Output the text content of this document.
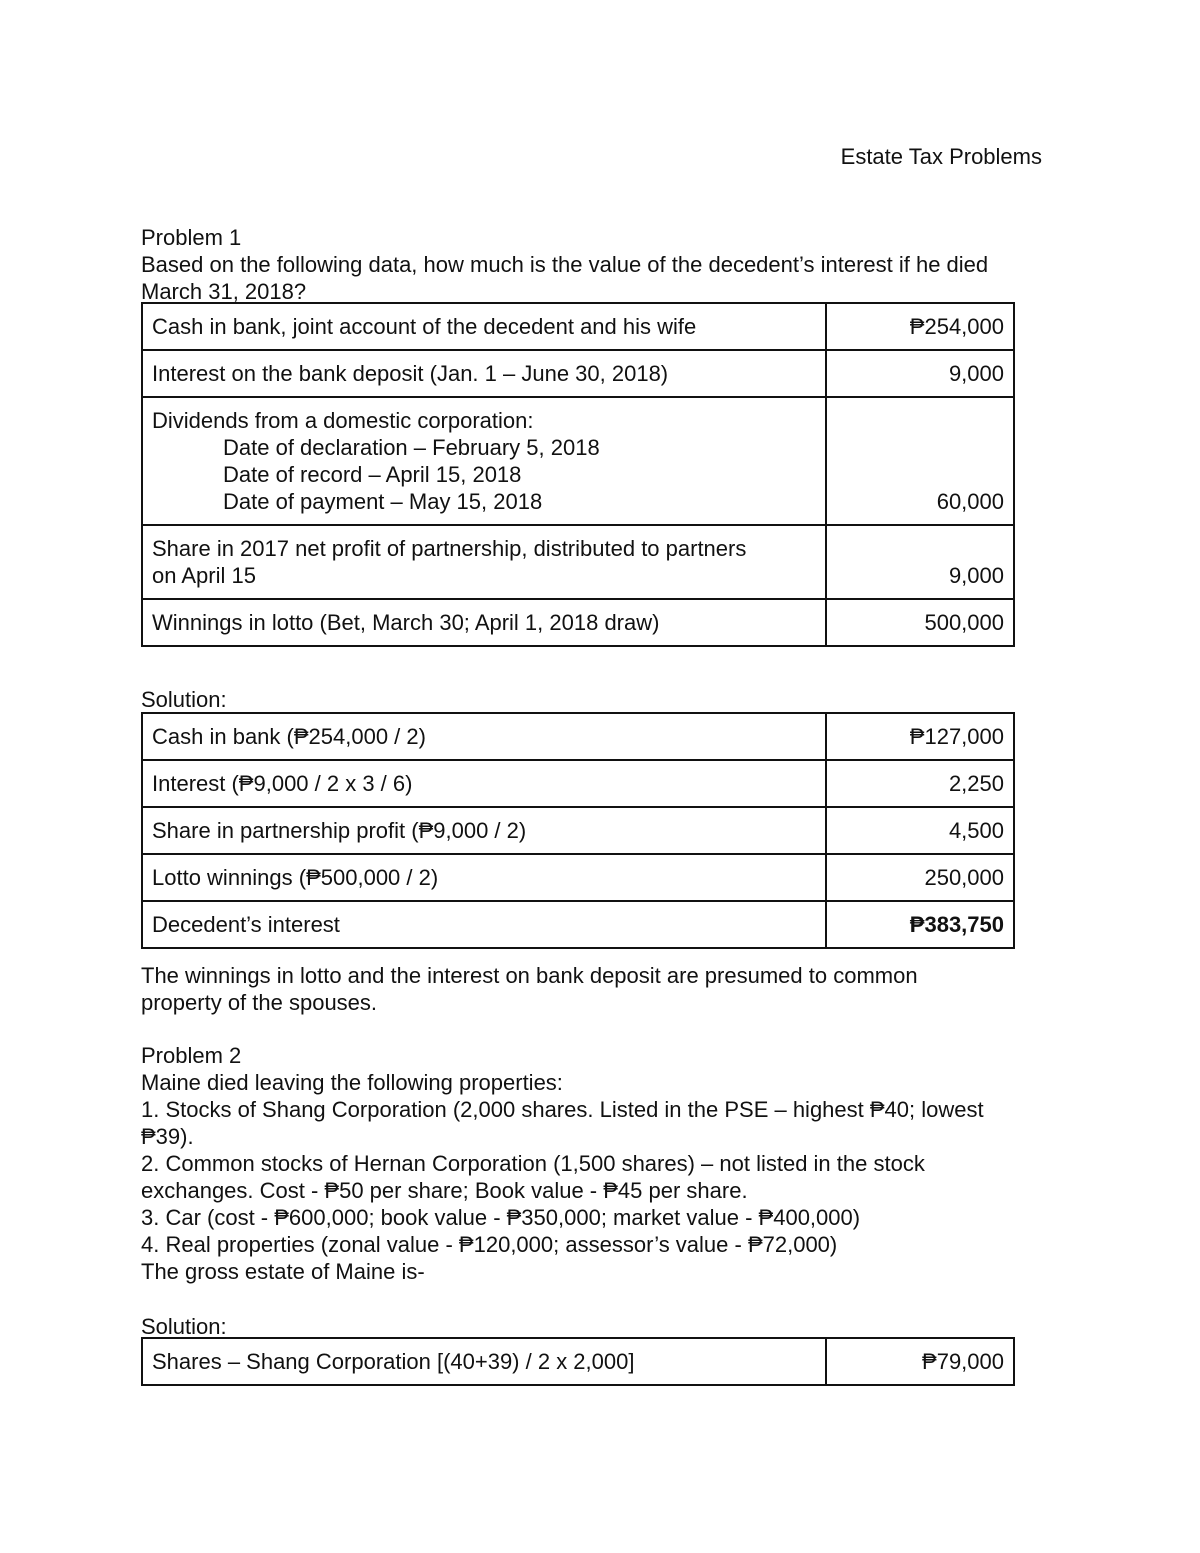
Estate Tax Problems

Problem 1

Based on the following data, how much is the value of the decedent’s interest if he died

March 31, 2018?

Cash in bank, joint account of the decedent and his wife	₱254,000
Interest on the bank deposit (Jan. 1 – June 30, 2018)	9,000

Dividends from a domestic corporation:
Date of declaration – February 5, 2018
Date of record – April 15, 2018
Date of payment – May 15, 2018	60,000

Share in 2017 net profit of partnership, distributed to partners
on April 15	9,000
Winnings in lotto (Bet, March 30; April 1, 2018 draw)	500,000

Solution:

Cash in bank (₱254,000 / 2)	₱127,000
Interest (₱9,000 / 2 x 3 / 6)	2,250
Share in partnership profit (₱9,000 / 2)	4,500
Lotto winnings (₱500,000 / 2)	250,000
Decedent’s interest	₱383,750

The winnings in lotto and the interest on bank deposit are presumed to common

property of the spouses.

Problem 2

Maine died leaving the following properties:

1. Stocks of Shang Corporation (2,000 shares. Listed in the PSE – highest ₱40; lowest

₱39).

2. Common stocks of Hernan Corporation (1,500 shares) – not listed in the stock

exchanges. Cost - ₱50 per share; Book value - ₱45 per share.

3. Car (cost - ₱600,000; book value - ₱350,000; market value - ₱400,000)

4. Real properties (zonal value - ₱120,000; assessor’s value - ₱72,000)

The gross estate of Maine is-

Solution:

Shares – Shang Corporation [(40+39) / 2 x 2,000]	₱79,000
